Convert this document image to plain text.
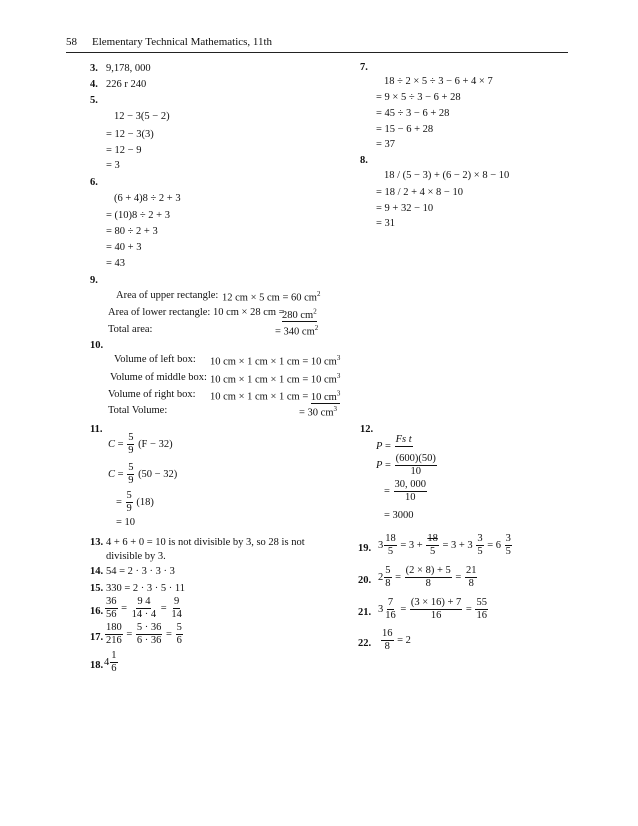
58 Elementary Technical Mathematics, 11th
3. 9,178, 000
4. 226 r 240
5.
12 − 3(5 − 2)
= 12 − 3(3)
= 12 − 9
= 3
6.
(6 + 4)8 ÷ 2 + 3
= (10)8 ÷ 2 + 3
= 80 ÷ 2 + 3
= 40 + 3
= 43
9.
Area of upper rectangle: 12 cm × 5 cm = 60 $cm^2$
Area of lower rectangle: 10 cm × 28 cm =
280 $cm^2$
Total area:	= 340 $cm^2$
10.
Volume of left box: 10 cm × 1 cm × 1 cm = 10 $cm^3$
Volume of middle box: 10 cm × 1 cm × 1 cm = 10 $cm^3$
Volume of right box: 10 cm × 1 cm × 1 cm = 10 $cm^3$
Total Volume:	= 30 $cm^3$
11.
$C = \frac{5}{9} (F - 32)$
$C = \frac{5}{9} (50 - 32)$
= $\frac{5}{9} (18)$
= 10
13. 4 + 6 + 0 = 10 is not divisible by 3, so 28 is not
divisible by 3.
14. 54 = 2 · 3 · 3 · 3
15. 330 = 2 · 3 · 5 · 11
16. $\frac{36}{56} = \frac{9 4}{14 \cdot 4} = \frac{9}{14}$
17. $\frac{180}{216} = \frac{5 \cdot 36}{6 \cdot 36} = \frac{5}{6}$
18. $4 \frac{1}{6}$
7.
18 ÷ 2 × 5 ÷ 3 − 6 + 4 × 7
= 9 × 5 ÷ 3 − 6 + 28
= 45 ÷ 3 − 6 + 28
= 15 − 6 + 28
= 37
8.
18 / (5 − 3) + (6 − 2) × 8 − 10
= 18 / 2 + 4 × 8 − 10
= 9 + 32 − 10
= 31
12.
P =
Fs t

$P = \frac{(600)(50)}{10}$
= $\frac{30, 000}{10}$
= 3000
19. $3 \frac{18}{5} = 3 + \frac{18}{5} = 3 + 3 \frac{3}{5} = 6 \frac{3}{5}$
20. $2 \frac{5}{8} = \frac{(2 \times 8) + 5}{8} = \frac{21}{8}$
21. $3 \frac{7}{16} = \frac{(3 \times 16) + 7}{16} = \frac{55}{16}$
22. $\frac{16}{8} = 2$
